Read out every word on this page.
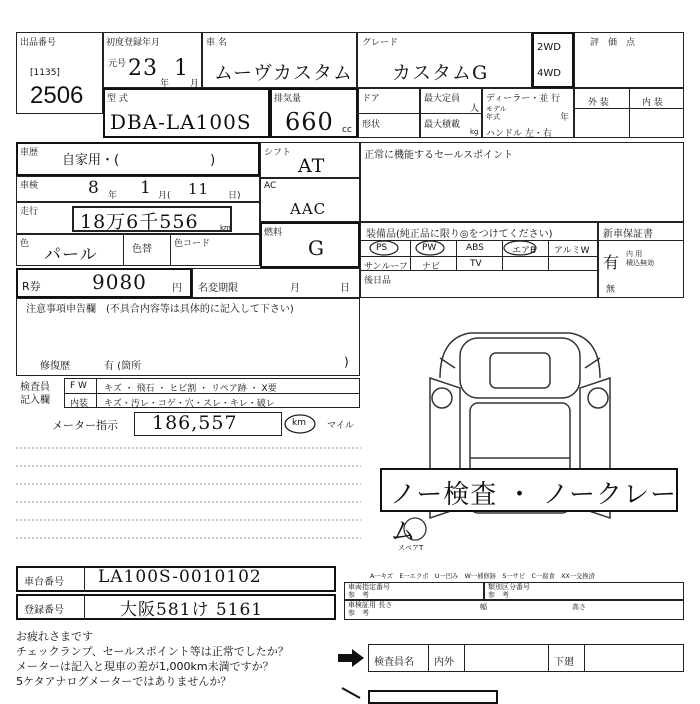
出品番号
[1135]
2506
初度登録年月
元号 23
年
1
月
車 名
ムーヴカスタム
グレード
カスタムG
2WD
4WD
評　価　点
型 式
DBA-LA100S
排気量
660 cc
ドア
形状
最大定員
人
最大積載
kg
ディーラー・並 行
モデル
年式	年
ハンドル 左・右
外 装	内 装
車歴 自家用・(　　　　　　　)
車検	8 年 1 月( 11 日)
走行 18万6千556	km
色
パール	色替 色コード
シフト
AT
AC
AAC
燃料
G
R券	9080	円 名変期限	月	日
正常に機能するセールスポイント
装備品(純正品に限り◎をつけてください)
PS	PW	ABS	エアB アルミW
サンルーフ ナビ	TV
後日品
新車保証書
有 内 用
積込無効
無
注意事項申告欄　(不具合内容等は具体的に記入して下さい)
修復歴	有 (箇所	)
検査員
記入欄
F W キズ ・ 飛石 ・ ヒビ割 ・ リペア跡 ・ X要
内装 キズ・汚レ・コゲ・穴・スレ・キレ・破レ
メーター指示 186,557	km マイル
スペアT
ノー検査 ・ ノークレーム
A一キズ　E一エクボ　U一凹み　W一補修跡　S一サビ　C一腐食　XX一交換済
車台番号 LA100S-0010102
登録番号	大阪581け 5161
車両指定番号
参　考
類別区分番号
参　考
車検証用 長さ
参　考
幅	高さ
お疲れさまです
チェックランプ、セールスポイント等は正常でしたか？
メーターは記入と現車の差が1,000km未満ですか？
5ケタアナログメーターではありませんか？
検査員名 内外	下廻
